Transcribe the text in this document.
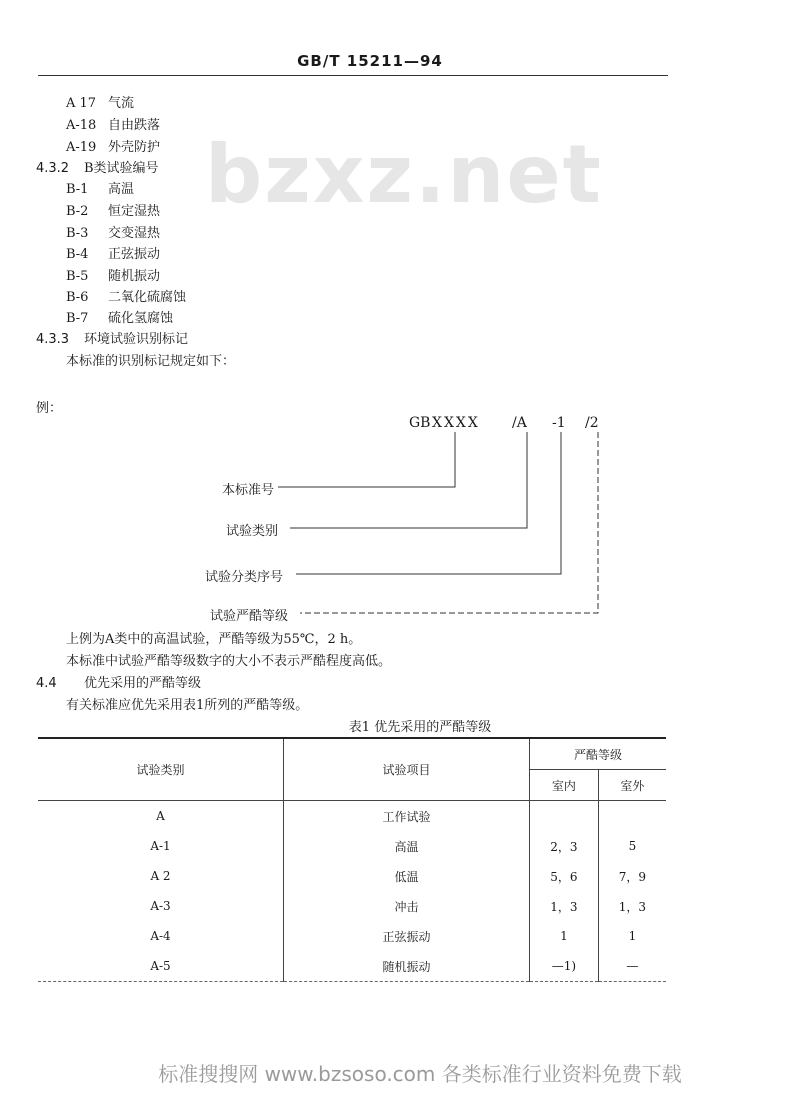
GB/T 15211—94
bzxz.net
A 17 气流
A-18 自由跌落
A-19 外壳防护
4.3.2 B类试验编号
B-1 高温
B-2 恒定湿热
B-3 交变湿热
B-4 正弦振动
B-5 随机振动
B-6 二氧化硫腐蚀
B-7 硫化氢腐蚀
4.3.3 环境试验识别标记
本标准的识别标记规定如下：
例：
GB XXXX /A -1 /2
本标准号
试验类别
试验分类序号
试验严酷等级
上例为A类中的高温试验，严酷等级为55℃，2 h。
本标准中试验严酷等级数字的大小不表示严酷程度高低。
4.4 优先采用的严酷等级
有关标准应优先采用表1所列的严酷等级。
表1 优先采用的严酷等级
试验类别	试验项目	严酷等级	
		室内	室外
A	工作试验		
A-1	高温	2，3	5
A 2	低温	5，6	7，9
A-3	冲击	1，3	1，3
A-4	正弦振动	1	1
A-5	随机振动	—1)	—
标准搜搜网 www.bzsoso.com 各类标准行业资料免费下载
